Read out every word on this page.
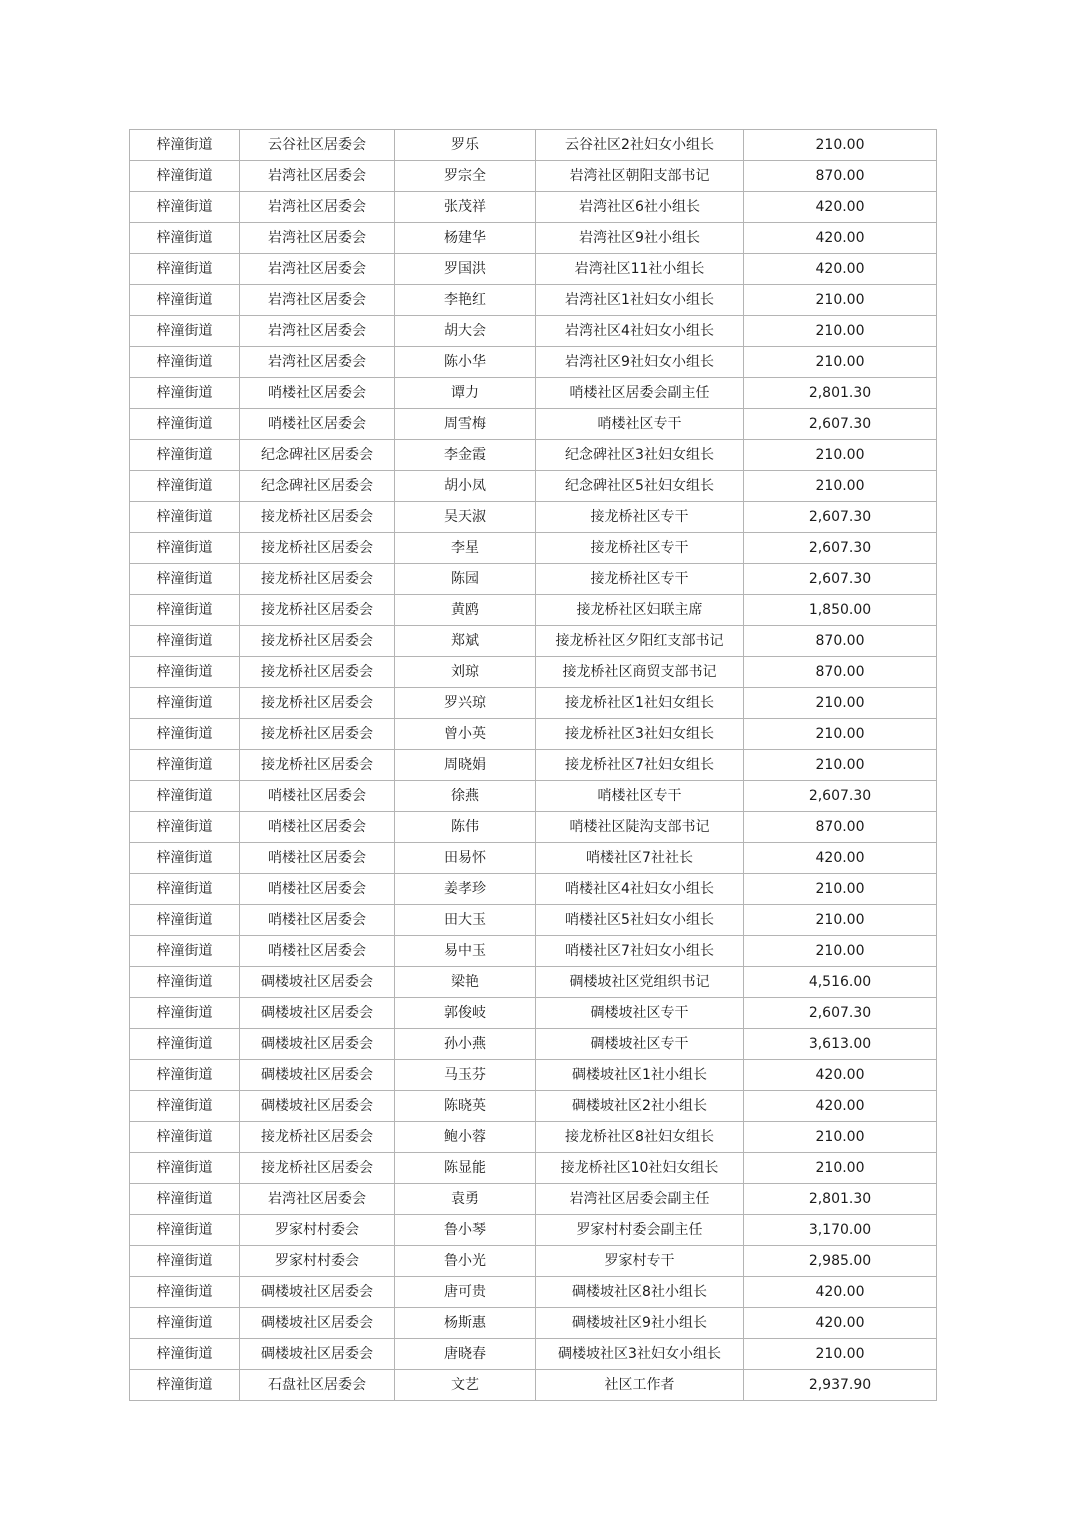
梓潼街道	云谷社区居委会	罗乐	云谷社区2社妇女小组长	210.00
梓潼街道	岩湾社区居委会	罗宗全	岩湾社区朝阳支部书记	870.00
梓潼街道	岩湾社区居委会	张茂祥	岩湾社区6社小组长	420.00
梓潼街道	岩湾社区居委会	杨建华	岩湾社区9社小组长	420.00
梓潼街道	岩湾社区居委会	罗国洪	岩湾社区11社小组长	420.00
梓潼街道	岩湾社区居委会	李艳红	岩湾社区1社妇女小组长	210.00
梓潼街道	岩湾社区居委会	胡大会	岩湾社区4社妇女小组长	210.00
梓潼街道	岩湾社区居委会	陈小华	岩湾社区9社妇女小组长	210.00
梓潼街道	哨楼社区居委会	谭力	哨楼社区居委会副主任	2,801.30
梓潼街道	哨楼社区居委会	周雪梅	哨楼社区专干	2,607.30
梓潼街道	纪念碑社区居委会	李金霞	纪念碑社区3社妇女组长	210.00
梓潼街道	纪念碑社区居委会	胡小凤	纪念碑社区5社妇女组长	210.00
梓潼街道	接龙桥社区居委会	吴天淑	接龙桥社区专干	2,607.30
梓潼街道	接龙桥社区居委会	李星	接龙桥社区专干	2,607.30
梓潼街道	接龙桥社区居委会	陈园	接龙桥社区专干	2,607.30
梓潼街道	接龙桥社区居委会	黄鸥	接龙桥社区妇联主席	1,850.00
梓潼街道	接龙桥社区居委会	郑斌	接龙桥社区夕阳红支部书记	870.00
梓潼街道	接龙桥社区居委会	刘琼	接龙桥社区商贸支部书记	870.00
梓潼街道	接龙桥社区居委会	罗兴琼	接龙桥社区1社妇女组长	210.00
梓潼街道	接龙桥社区居委会	曾小英	接龙桥社区3社妇女组长	210.00
梓潼街道	接龙桥社区居委会	周晓娟	接龙桥社区7社妇女组长	210.00
梓潼街道	哨楼社区居委会	徐燕	哨楼社区专干	2,607.30
梓潼街道	哨楼社区居委会	陈伟	哨楼社区陡沟支部书记	870.00
梓潼街道	哨楼社区居委会	田易怀	哨楼社区7社社长	420.00
梓潼街道	哨楼社区居委会	姜孝珍	哨楼社区4社妇女小组长	210.00
梓潼街道	哨楼社区居委会	田大玉	哨楼社区5社妇女小组长	210.00
梓潼街道	哨楼社区居委会	易中玉	哨楼社区7社妇女小组长	210.00
梓潼街道	碉楼坡社区居委会	梁艳	碉楼坡社区党组织书记	4,516.00
梓潼街道	碉楼坡社区居委会	郭俊岐	碉楼坡社区专干	2,607.30
梓潼街道	碉楼坡社区居委会	孙小燕	碉楼坡社区专干	3,613.00
梓潼街道	碉楼坡社区居委会	马玉芬	碉楼坡社区1社小组长	420.00
梓潼街道	碉楼坡社区居委会	陈晓英	碉楼坡社区2社小组长	420.00
梓潼街道	接龙桥社区居委会	鲍小蓉	接龙桥社区8社妇女组长	210.00
梓潼街道	接龙桥社区居委会	陈显能	接龙桥社区10社妇女组长	210.00
梓潼街道	岩湾社区居委会	袁勇	岩湾社区居委会副主任	2,801.30
梓潼街道	罗家村村委会	鲁小琴	罗家村村委会副主任	3,170.00
梓潼街道	罗家村村委会	鲁小光	罗家村专干	2,985.00
梓潼街道	碉楼坡社区居委会	唐可贵	碉楼坡社区8社小组长	420.00
梓潼街道	碉楼坡社区居委会	杨斯惠	碉楼坡社区9社小组长	420.00
梓潼街道	碉楼坡社区居委会	唐晓春	碉楼坡社区3社妇女小组长	210.00
梓潼街道	石盘社区居委会	文艺	社区工作者	2,937.90
